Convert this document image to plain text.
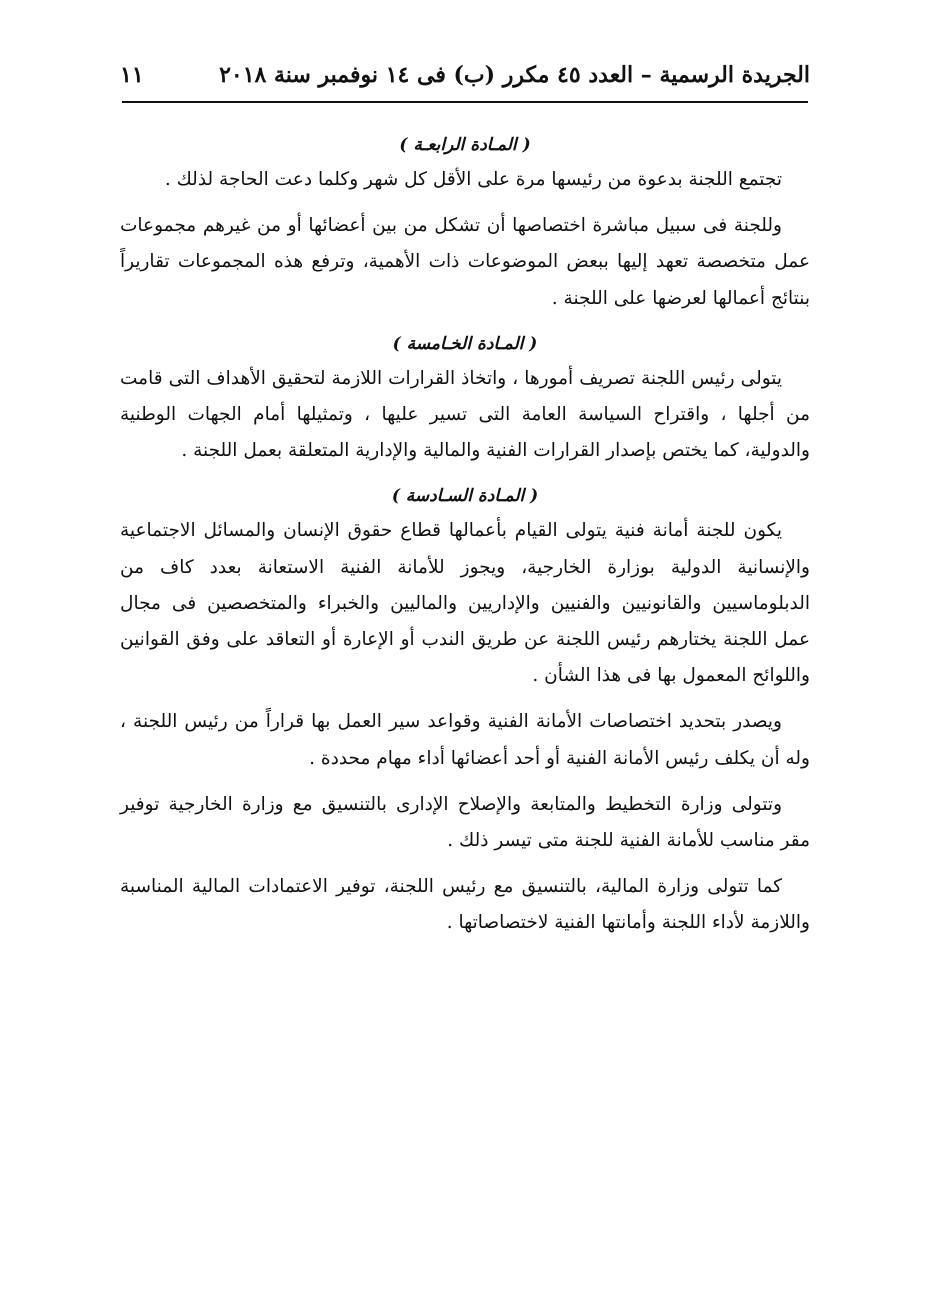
الجريدة الرسمية – العدد ٤٥ مكرر (ب) فى ١٤ نوفمبر سنة ٢٠١٨
١١

( المـادة الرابعـة )

تجتمع اللجنة بدعوة من رئيسها مرة على الأقل كل شهر وكلما دعت الحاجة لذلك .

وللجنة فى سبيل مباشرة اختصاصها أن تشكل من بين أعضائها أو من غيرهم مجموعات عمل متخصصة تعهد إليها ببعض الموضوعات ذات الأهمية، وترفع هذه المجموعات تقاريراً بنتائج أعمالها لعرضها على اللجنة .

( المـادة الخـامسة )

يتولى رئيس اللجنة تصريف أمورها ، واتخاذ القرارات اللازمة لتحقيق الأهداف التى قامت من أجلها ، واقتراح السياسة العامة التى تسير عليها ، وتمثيلها أمام الجهات الوطنية والدولية، كما يختص بإصدار القرارات الفنية والمالية والإدارية المتعلقة بعمل اللجنة .

( المـادة السـادسة )

يكون للجنة أمانة فنية يتولى القيام بأعمالها قطاع حقوق الإنسان والمسائل الاجتماعية والإنسانية الدولية بوزارة الخارجية، ويجوز للأمانة الفنية الاستعانة بعدد كاف من الدبلوماسيين والقانونيين والفنيين والإداريين والماليين والخبراء والمتخصصين فى مجال عمل اللجنة يختارهم رئيس اللجنة عن طريق الندب أو الإعارة أو التعاقد على وفق القوانين واللوائح المعمول بها فى هذا الشأن .

ويصدر بتحديد اختصاصات الأمانة الفنية وقواعد سير العمل بها قراراً من رئيس اللجنة ، وله أن يكلف رئيس الأمانة الفنية أو أحد أعضائها أداء مهام محددة .

وتتولى وزارة التخطيط والمتابعة والإصلاح الإدارى بالتنسيق مع وزارة الخارجية توفير مقر مناسب للأمانة الفنية للجنة متى تيسر ذلك .

كما تتولى وزارة المالية، بالتنسيق مع رئيس اللجنة، توفير الاعتمادات المالية المناسبة واللازمة لأداء اللجنة وأمانتها الفنية لاختصاصاتها .
